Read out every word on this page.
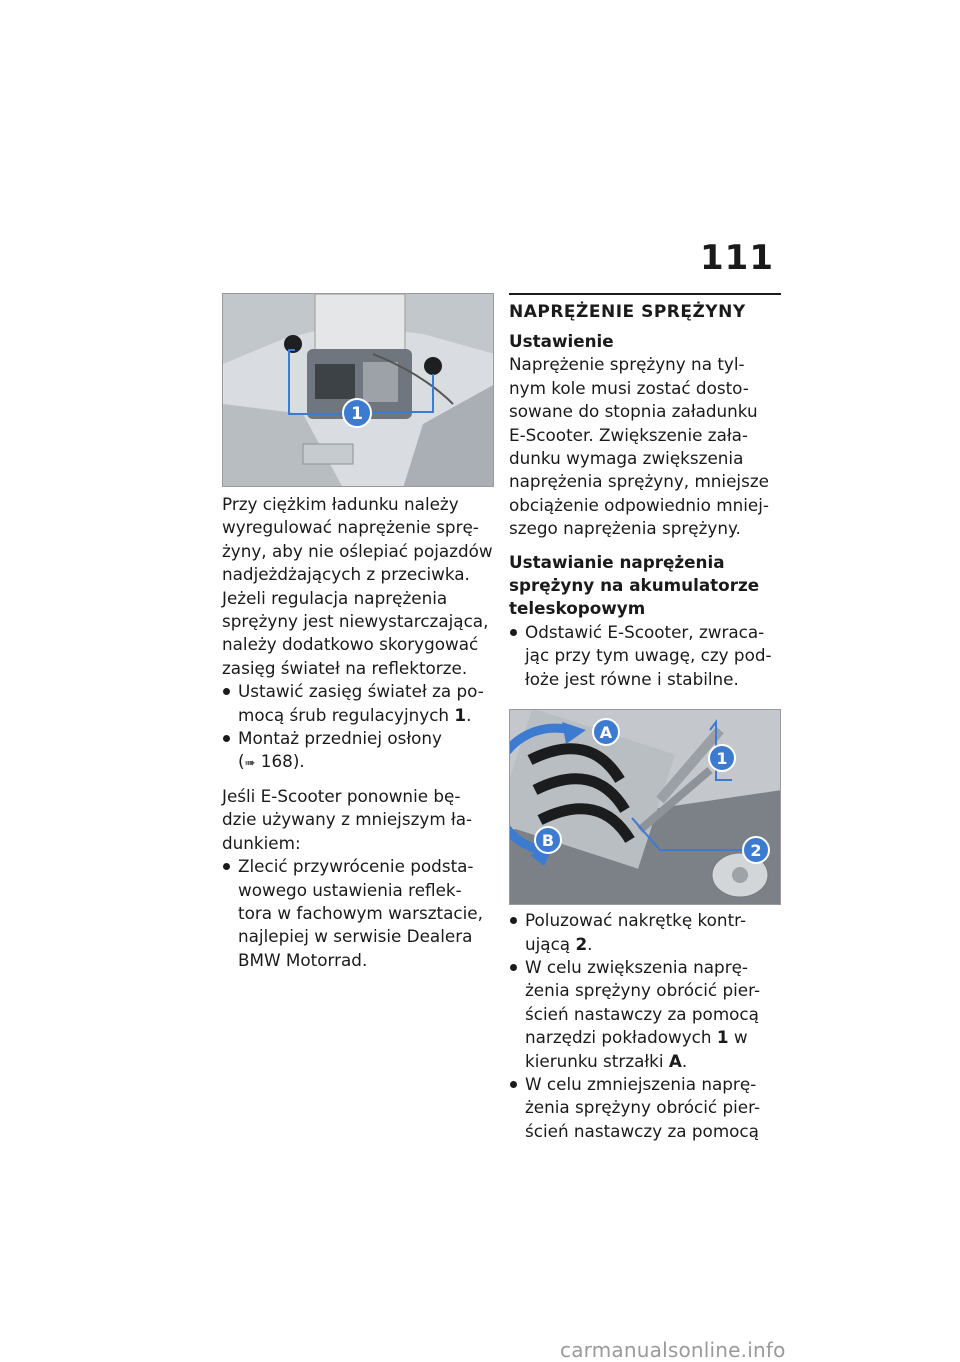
111
1

Przy ciężkim ładunku należy
wyregulować naprężenie sprę-
żyny, aby nie oślepiać pojazdów
nadjeżdżających z przeciwka.
Jeżeli regulacja naprężenia
sprężyny jest niewystarczająca,
należy dodatkowo skorygować
zasięg świateł na reflektorze.

Ustawić zasięg świateł za po-
mocą śrub regulacyjnych 1.
Montaż przedniej osłony
(➠ 168).

Jeśli E-Scooter ponownie bę-
dzie używany z mniejszym ła-
dunkiem:

Zlecić przywrócenie podsta-
wowego ustawienia reflek-
tora w fachowym warsztacie,
najlepiej w serwisie Dealera
BMW Motorrad.
NAPRĘŻENIE SPRĘŻYNY
Ustawienie

Naprężenie sprężyny na tyl-
nym kole musi zostać dosto-
sowane do stopnia załadunku
E-Scooter. Zwiększenie zała-
dunku wymaga zwiększenia
naprężenia sprężyny, mniejsze
obciążenie odpowiednio mniej-
szego naprężenia sprężyny.

Ustawianie naprężenia
sprężyny na akumulatorze
teleskopowym
Odstawić E-Scooter, zwraca-
jąc przy tym uwagę, czy pod-
łoże jest równe i stabilne.
A
B
1
2
Poluzować nakrętkę kontr-
ującą 2.
W celu zwiększenia naprę-
żenia sprężyny obrócić pier-
ścień nastawczy za pomocą
narzędzi pokładowych 1 w
kierunku strzałki A.
W celu zmniejszenia naprę-
żenia sprężyny obrócić pier-
ścień nastawczy za pomocą
carmanualsonline.info
